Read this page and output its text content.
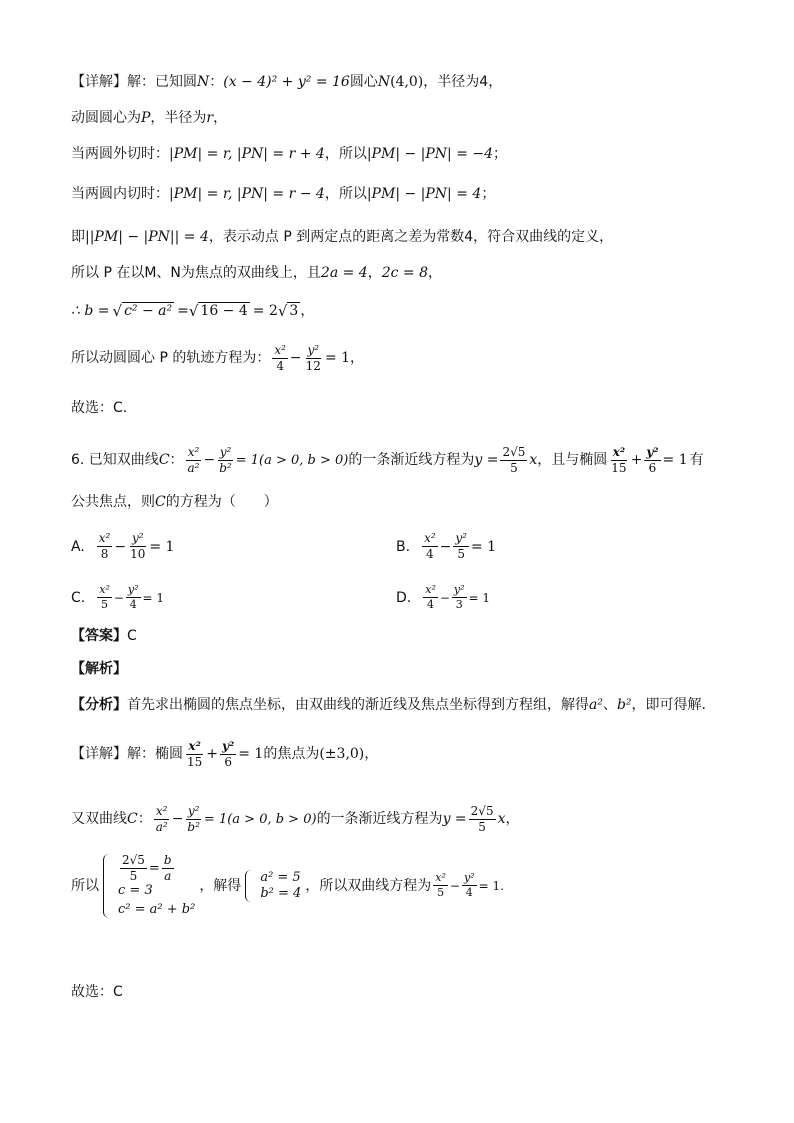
【详解】解：已知圆 N ： (x − 4)² + y² = 16 圆心 N (4,0) ，半径为4，
动圆圆心为 P ，半径为 r ，
当两圆外切时： |PM| = r, |PN| = r + 4 ，所以 |PM| − |PN| = −4 ；
当两圆内切时： |PM| = r, |PN| = r − 4 ，所以 |PM| − |PN| = 4 ；
即 ||PM| − |PN|| = 4 ，表示动点 P 到两定点的距离之差为常数4，符合双曲线的定义，
所以 P 在以M、N为焦点的双曲线上，且 2a = 4 ， 2c = 8 ，
∴ b = √ c² − a² = √ 16 − 4 = 2 √ 3 ，
所以动圆圆心 P 的轨迹方程为： $\frac{\text{x²}}{4} - \frac{\text{y²}}{12} = 1$ ，
故选：C.
6. 已知双曲线 C ： $\frac{\text{x²}}{\text{a²}} - \frac{\text{y²}}{\text{b²}} = 1(a > 0$, b > 0) 的一条渐近线方程为 $y = \frac{2√5}{5}$ x ，且与椭圆 $\frac{\text{x²}}{15} + \frac{\text{y²}}{6} = 1$ 有
公共焦点，则 C 的方程为（　　）
A. $\frac{\text{x²}}{8} - \frac{\text{y²}}{10} = 1$	B. $\frac{\text{x²}}{4} - \frac{\text{y²}}{5} = 1$
C. $\frac{\text{x²}}{5} - \frac{\text{y²}}{4} = 1$	D. $\frac{\text{x²}}{4} - \frac{\text{y²}}{3} = 1$
【答案】 C
【解析】
【分析】 首先求出椭圆的焦点坐标，由双曲线的渐近线及焦点坐标得到方程组，解得 a² 、 b² ，即可得解.
【详解】解：椭圆 $\frac{\text{x²}}{15} + \frac{\text{y²}}{6} = 1$ 的焦点为 (±3,0) ，
又双曲线 C ： $\frac{\text{x²}}{\text{a²}} - \frac{\text{y²}}{\text{b²}} = 1(a > 0$, b > 0) 的一条渐近线方程为 $y = \frac{2√5}{5}$ x ，
所以
$\frac{2√5}{5} = \frac{b}{a}$
c = 3
c² = a² + b²
，解得
a² = 5
b² = 4 ，所以双曲线方程为 $\frac{\text{x²}}{5} - \frac{\text{y²}}{4} = 1$.
故选：C
